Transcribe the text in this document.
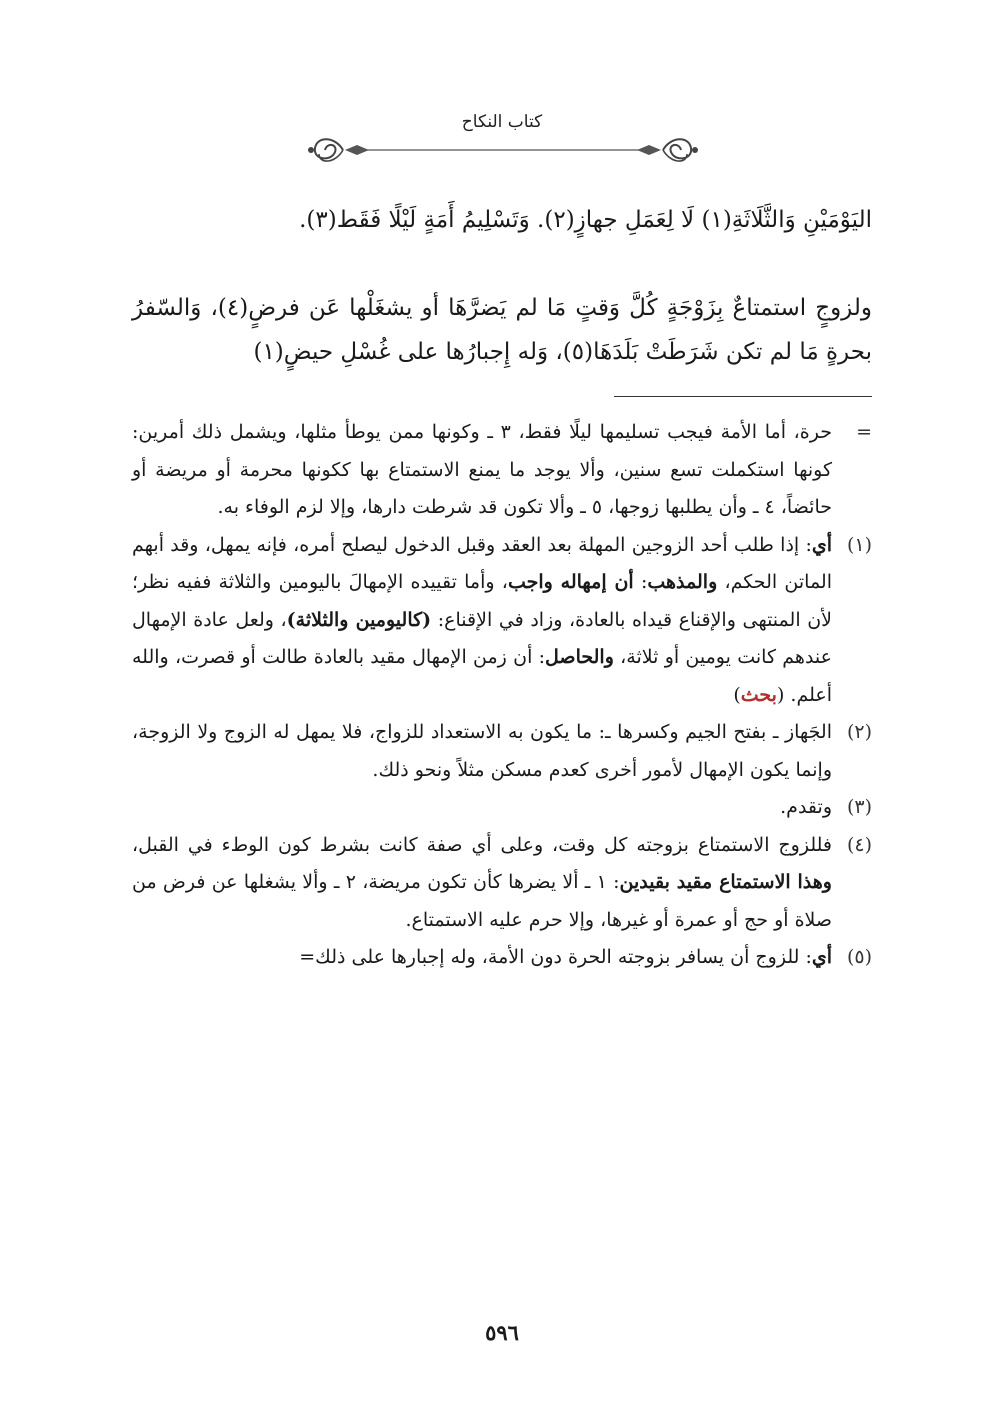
كتاب النكاح
اليَوْمَيْنِ وَالثَّلَاثَةِ(١) لَا لِعَمَلِ جهازٍ(٢). وَتَسْلِيمُ أَمَةٍ لَيْلًا فَقَط(٣).
ولزوجٍ استمتاعٌ بِزَوْجَةٍ كُلَّ وَقتٍ مَا لم يَضرَّهَا أو يشغَلْها عَن فرضٍ(٤)، وَالسّفرُ بحرةٍ مَا لم تكن شَرَطَتْ بَلَدَهَا(٥)، وَله إِجبارُها على غُسْلِ حيضٍ(١)
=
حرة، أما الأمة فيجب تسليمها ليلًا فقط، ٣ ـ وكونها ممن يوطأ مثلها، ويشمل ذلك أمرين: كونها استكملت تسع سنين، وألا يوجد ما يمنع الاستمتاع بها ككونها محرمة أو مريضة أو حائضاً، ٤ ـ وأن يطلبها زوجها، ٥ ـ وألا تكون قد شرطت دارها، وإلا لزم الوفاء به.
(١)
أي: إذا طلب أحد الزوجين المهلة بعد العقد وقبل الدخول ليصلح أمره، فإنه يمهل، وقد أبهم الماتن الحكم، والمذهب: أن إمهاله واجب، وأما تقييده الإمهالَ باليومين والثلاثة ففيه نظر؛ لأن المنتهى والإقناع قيداه بالعادة، وزاد في الإقناع: (كاليومين والثلاثة)، ولعل عادة الإمهال عندهم كانت يومين أو ثلاثة، والحاصل: أن زمن الإمهال مقيد بالعادة طالت أو قصرت، والله أعلم. (بحث)
(٢)
الجَهاز ـ بفتح الجيم وكسرها ـ: ما يكون به الاستعداد للزواج، فلا يمهل له الزوج ولا الزوجة، وإنما يكون الإمهال لأمور أخرى كعدم مسكن مثلاً ونحو ذلك.
(٣)
وتقدم.
(٤)
فللزوج الاستمتاع بزوجته كل وقت، وعلى أي صفة كانت بشرط كون الوطء في القبل، وهذا الاستمتاع مقيد بقيدين: ١ ـ ألا يضرها كأن تكون مريضة، ٢ ـ وألا يشغلها عن فرض من صلاة أو حج أو عمرة أو غيرها، وإلا حرم عليه الاستمتاع.
(٥)
أي: للزوج أن يسافر بزوجته الحرة دون الأمة، وله إجبارها على ذلك=
٥٩٦
